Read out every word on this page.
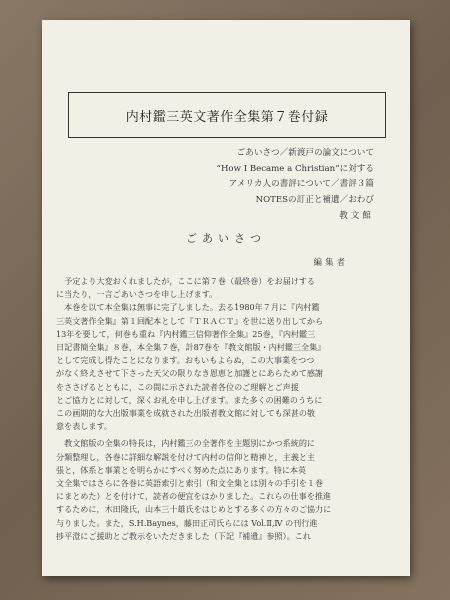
内村鑑三英文著作全集第７巻付録
ごあいさつ／新渡戸の論文について
“How I Became a Christian”に対する
アメリカ人の書評について／書評３篇
NOTESの訂正と補遺／おわび
教文館
ごあいさつ
編集者
予定より大変おくれましたが，ここに第７巻（最終巻）をお届けする
に当たり，一言ごあいさつを申し上げます。
本巻を以て本全集は無事に完了しました。去る1980年７月に『内村鑑
三英文著作全集』第１回配本として『ＴＲＡＣＴ』を世に送り出してから
13年を要して，何巻も重ね『内村鑑三信仰著作全集』25巻，『内村鑑三
日記書簡全集』８巻，本全集７巻，計87巻を『教文館版・内村鑑三全集』
として完成し得たことになります。おもいもよらぬ，この大事業をつつ
がなく終えさせて下さった天父の限りなき恩恵と加護とにあらためて感謝
をささげるとともに，この間に示された読者各位のご理解とご声援
とご協力とに対して，深くお礼を申し上げます。また多くの困難のうちに
この画期的な大出版事業を成就された出版者教文館に対しても深甚の敬
意を表します。
教文館版の全集の特長は，内村鑑三の全著作を主題別にかつ系統的に
分類整理し，各巻に詳細な解説を付けて内村の信仰と精神と，主義と主
張と，体系と事業とを明らかにすべく努めた点にあります。特に本英
文全集ではさらに各巻に英語索引と索引（和文全集とは別々の手引を１巻
にまとめた）とを付けて，読者の便宜をはかりました。これらの仕事を推進
するために，木田隆氏，山本三十雄氏をはじめとする多くの方々のご協力に
与りました。また，S.H.Baynes，藤田正司氏らには Vol.Ⅱ,Ⅳ の刊行進
捗平澄にご援助とご教示をいただきました（下記『補遺』参照）。これ
